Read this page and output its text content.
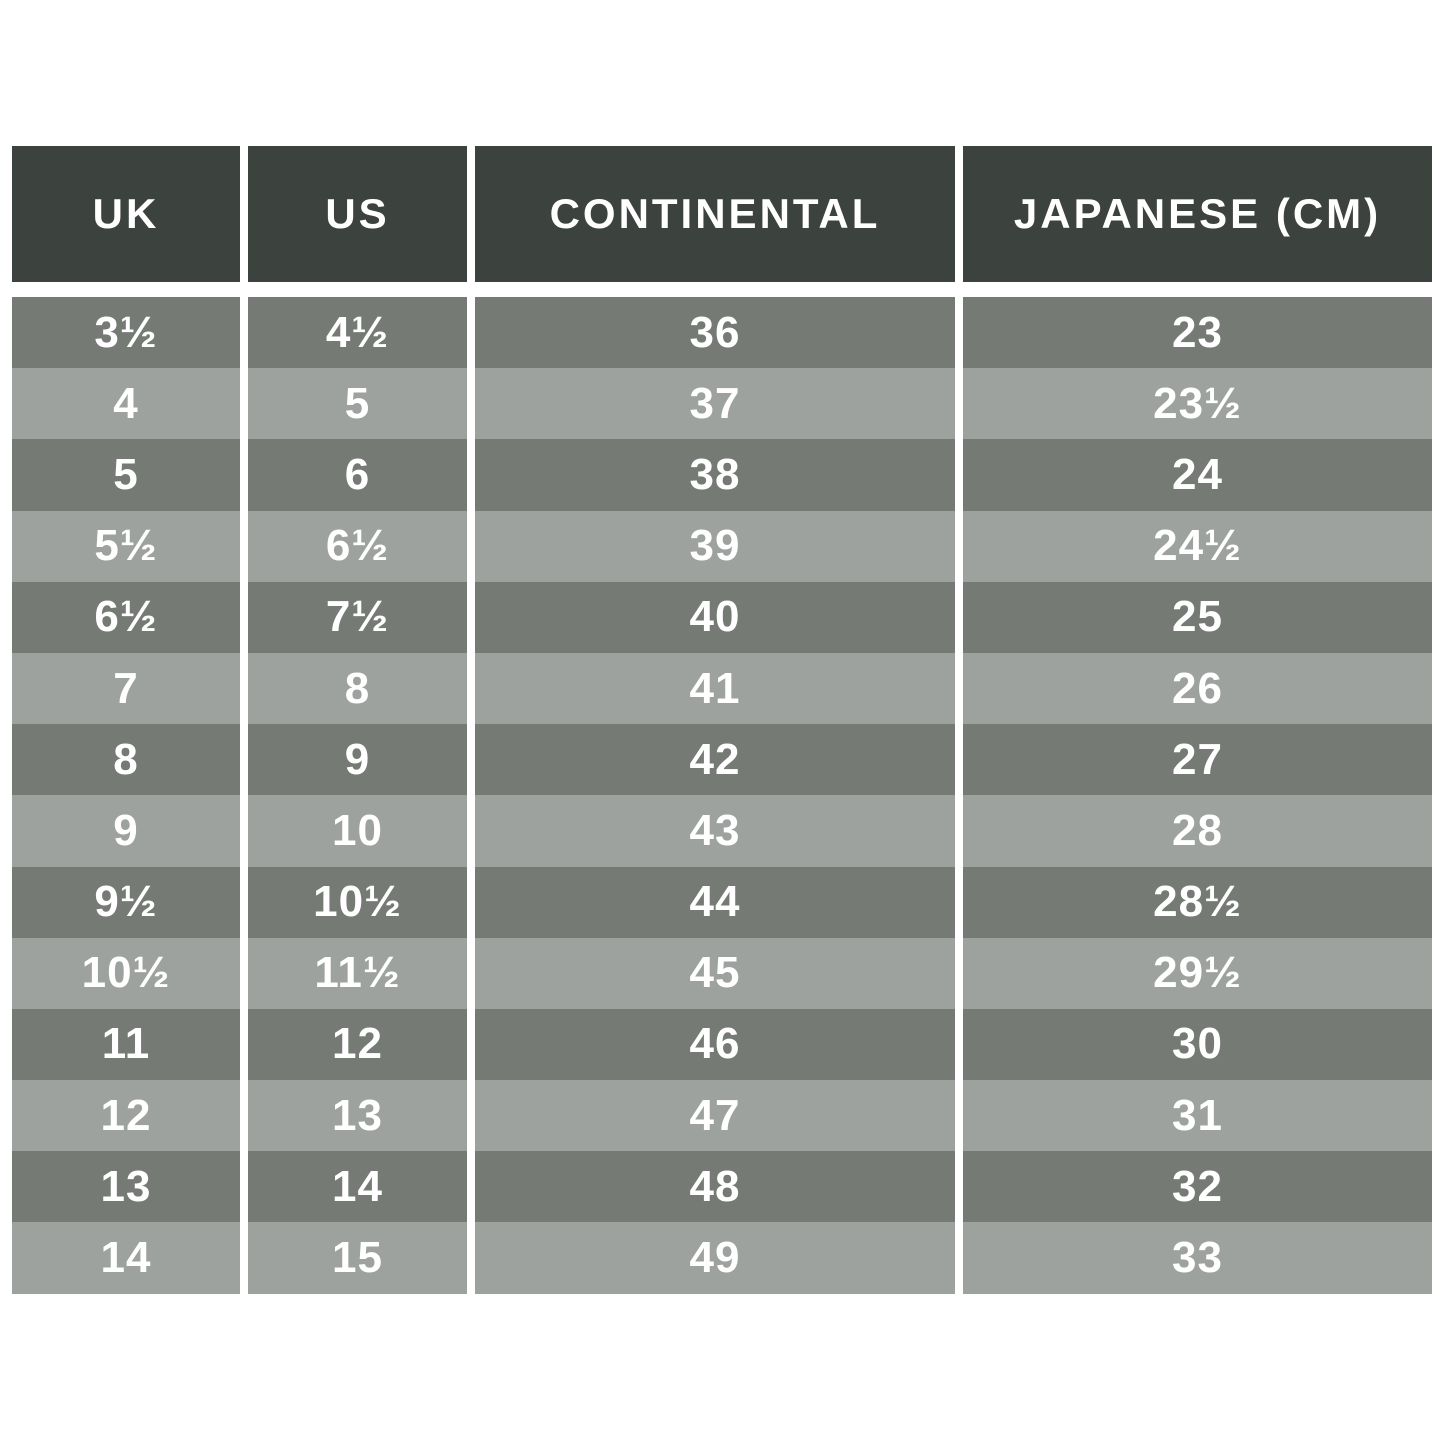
UK	US	CONTINENTAL	JAPANESE (CM)
3½	4½	36	23
4	5	37	23½
5	6	38	24
5½	6½	39	24½
6½	7½	40	25
7	8	41	26
8	9	42	27
9	10	43	28
9½	10½	44	28½
10½	11½	45	29½
11	12	46	30
12	13	47	31
13	14	48	32
14	15	49	33
